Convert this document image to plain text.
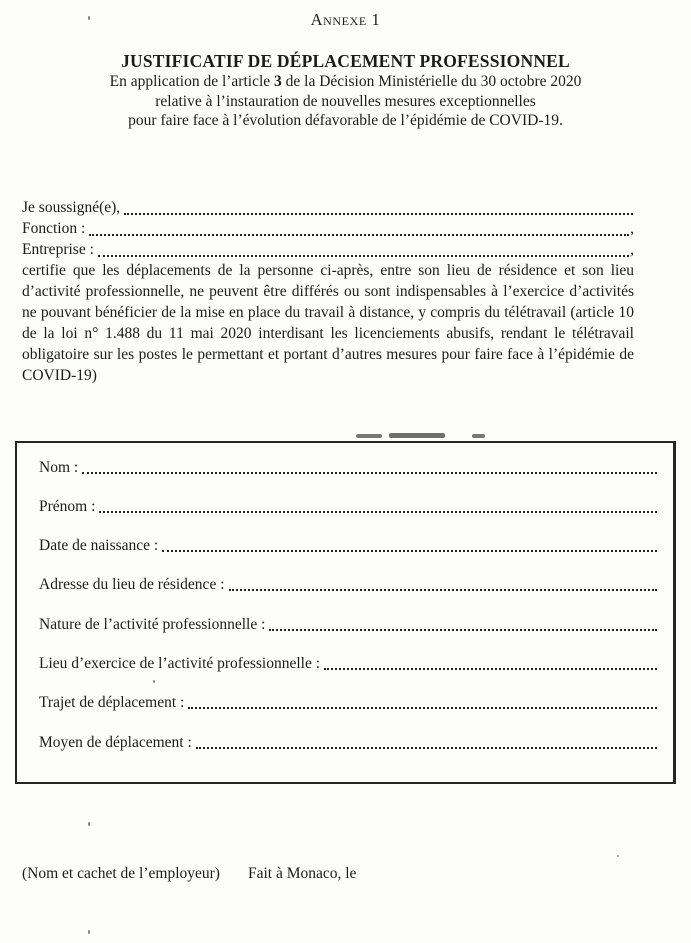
Annexe 1
JUSTIFICATIF DE DÉPLACEMENT PROFESSIONNEL
En application de l’article 3 de la Décision Ministérielle du 30 octobre 2020
relative à l’instauration de nouvelles mesures exceptionnelles
pour faire face à l’évolution défavorable de l’épidémie de COVID-19.
Je soussigné(e),
Fonction :	,
Entreprise :	,

certifie que les déplacements de la personne ci-après, entre son lieu de résidence et son lieu d’activité professionnelle, ne peuvent être différés ou sont indispensables à l’exercice d’activités ne pouvant bénéficier de la mise en place du travail à distance, y compris du télétravail (article 10 de la loi n° 1.488 du 11 mai 2020 interdisant les licenciements abusifs, rendant le télétravail obligatoire sur les postes le permettant et portant d’autres mesures pour faire face à l’épidémie de COVID-19)

Nom :
Prénom :
Date de naissance :
Adresse du lieu de résidence :
Nature de l’activité professionnelle :
Lieu d’exercice de l’activité professionnelle :
Trajet de déplacement :
Moyen de déplacement :
(Nom et cachet de l’employeur) Fait à Monaco, le
